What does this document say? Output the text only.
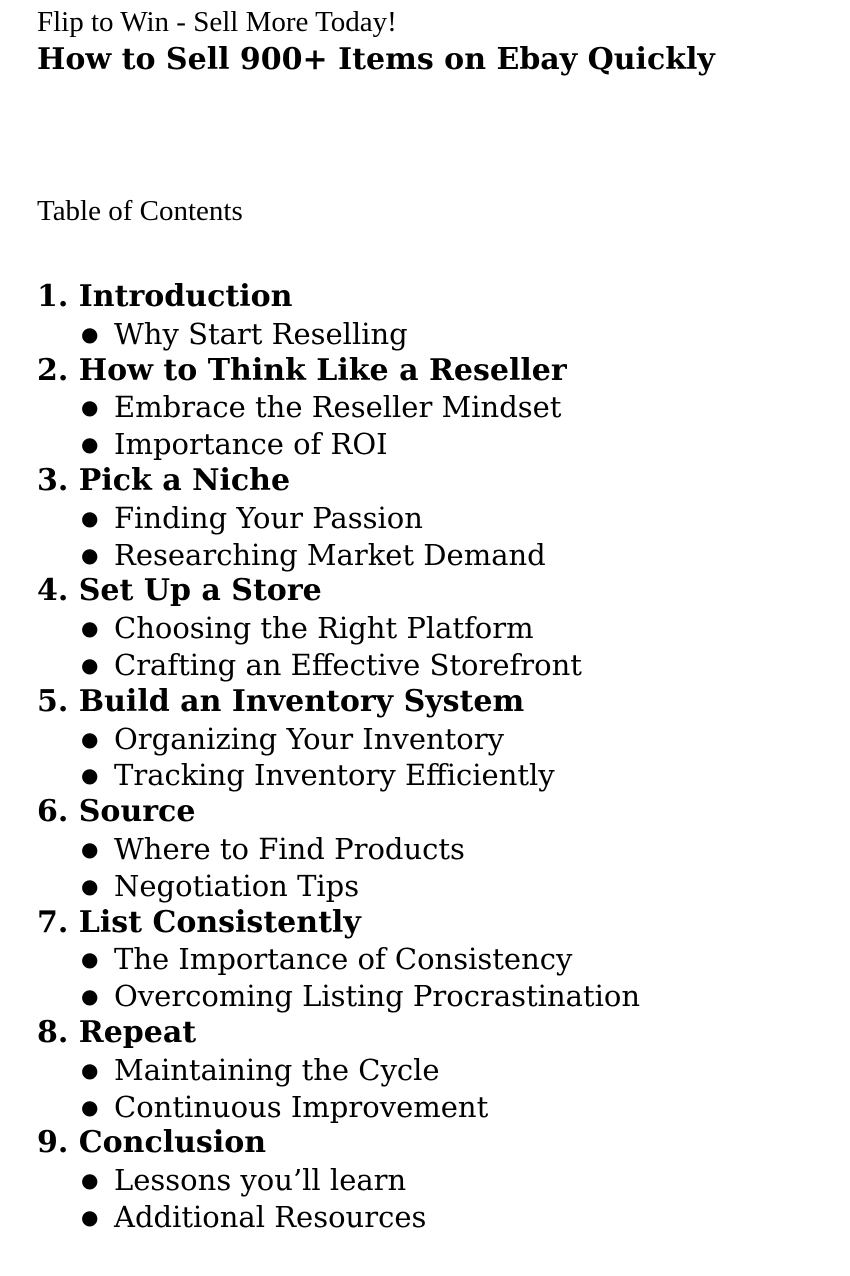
Flip to Win - Sell More Today!
How to Sell 900+ Items on Ebay Quickly
Table of Contents
1. Introduction
● Why Start Reselling
2. How to Think Like a Reseller
● Embrace the Reseller Mindset
● Importance of ROI
3. Pick a Niche
● Finding Your Passion
● Researching Market Demand
4. Set Up a Store
● Choosing the Right Platform
● Crafting an Effective Storefront
5. Build an Inventory System
● Organizing Your Inventory
● Tracking Inventory Efficiently
6. Source
● Where to Find Products
● Negotiation Tips
7. List Consistently
● The Importance of Consistency
● Overcoming Listing Procrastination
8. Repeat
● Maintaining the Cycle
● Continuous Improvement
9. Conclusion
● Lessons you’ll learn
● Additional Resources
